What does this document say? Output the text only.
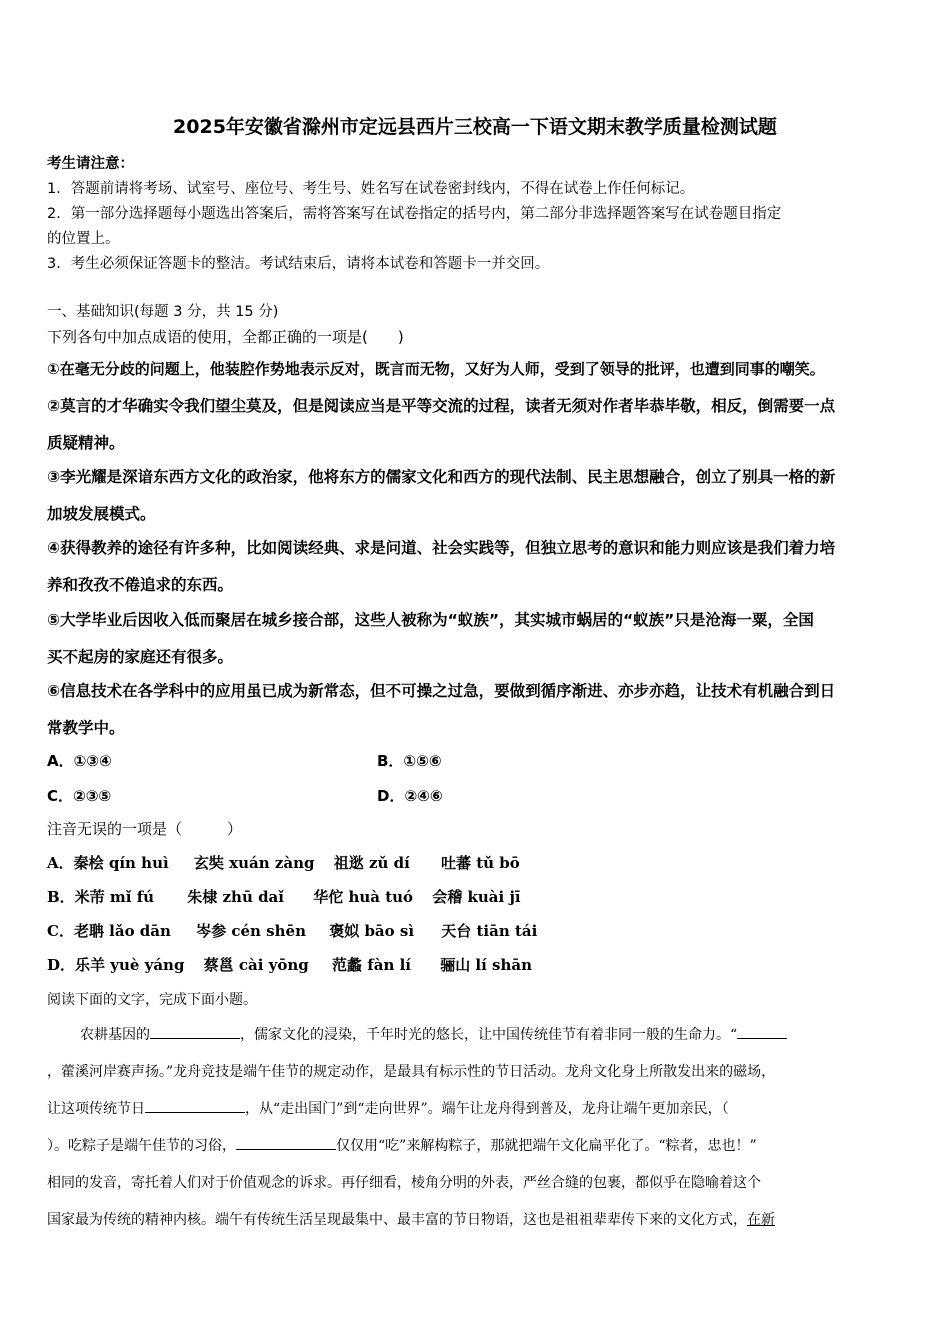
2025年安徽省滁州市定远县西片三校高一下语文期末教学质量检测试题
考生请注意：
1．答题前请将考场、试室号、座位号、考生号、姓名写在试卷密封线内，不得在试卷上作任何标记。
2．第一部分选择题每小题选出答案后，需将答案写在试卷指定的括号内，第二部分非选择题答案写在试卷题目指定
的位置上。
3．考生必须保证答题卡的整洁。考试结束后，请将本试卷和答题卡一并交回。
一、基础知识(每题 3 分，共 15 分)
下列各句中加点成语的使用，全都正确的一项是(　　)
①在毫无分歧的问题上，他装腔作势地表示反对，既言而无物，又好为人师，受到了领导的批评，也遭到同事的嘲笑。
②莫言的才华确实令我们望尘莫及，但是阅读应当是平等交流的过程，读者无须对作者毕恭毕敬，相反，倒需要一点
质疑精神。
③李光耀是深谙东西方文化的政治家，他将东方的儒家文化和西方的现代法制、民主思想融合，创立了别具一格的新
加坡发展模式。
④获得教养的途径有许多种，比如阅读经典、求是问道、社会实践等，但独立思考的意识和能力则应该是我们着力培
养和孜孜不倦追求的东西。
⑤大学毕业后因收入低而聚居在城乡接合部，这些人被称为“蚁族”，其实城市蜗居的“蚁族”只是沧海一粟，全国
买不起房的家庭还有很多。
⑥信息技术在各学科中的应用虽已成为新常态，但不可操之过急，要做到循序渐进、亦步亦趋，让技术有机融合到日
常教学中。
A．①③④	B．①⑤⑥
C．②③⑤	D．②④⑥
注音无误的一项是（　　　）
A．秦桧 qín huì 玄奘 xuán zàng 祖逖 zǔ dí 吐蕃 tǔ bō
B．米芾 mǐ fú 朱棣 zhū daǐ 华佗 huà tuó 会稽 kuài jī
C．老聃 lǎo dān 岑参 cén shēn 褒姒 bāo sì 天台 tiān tái
D．乐羊 yuè yáng 蔡邕 cài yōng 范蠡 fàn lí 骊山 lí shān
阅读下面的文字，完成下面小题。
农耕基因的	，儒家文化的浸染，千年时光的悠长，让中国传统佳节有着非同一般的生命力。“
，藿溪河岸赛声扬。”龙舟竞技是端午佳节的规定动作，是最具有标示性的节日活动。龙舟文化身上所散发出来的磁场，
让这项传统节日	，从“走出国门”到“走向世界”。端午让龙舟得到普及，龙舟让端午更加亲民，（
）。吃粽子是端午佳节的习俗，	仅仅用“吃”来解构粽子，那就把端午文化扁平化了。“粽者，忠也！”
相同的发音，寄托着人们对于价值观念的诉求。再仔细看，棱角分明的外表，严丝合缝的包裹，都似乎在隐喻着这个
国家最为传统的精神内核。端午有传统生活呈现最集中、最丰富的节日物语，这也是祖祖辈辈传下来的文化方式，在新
